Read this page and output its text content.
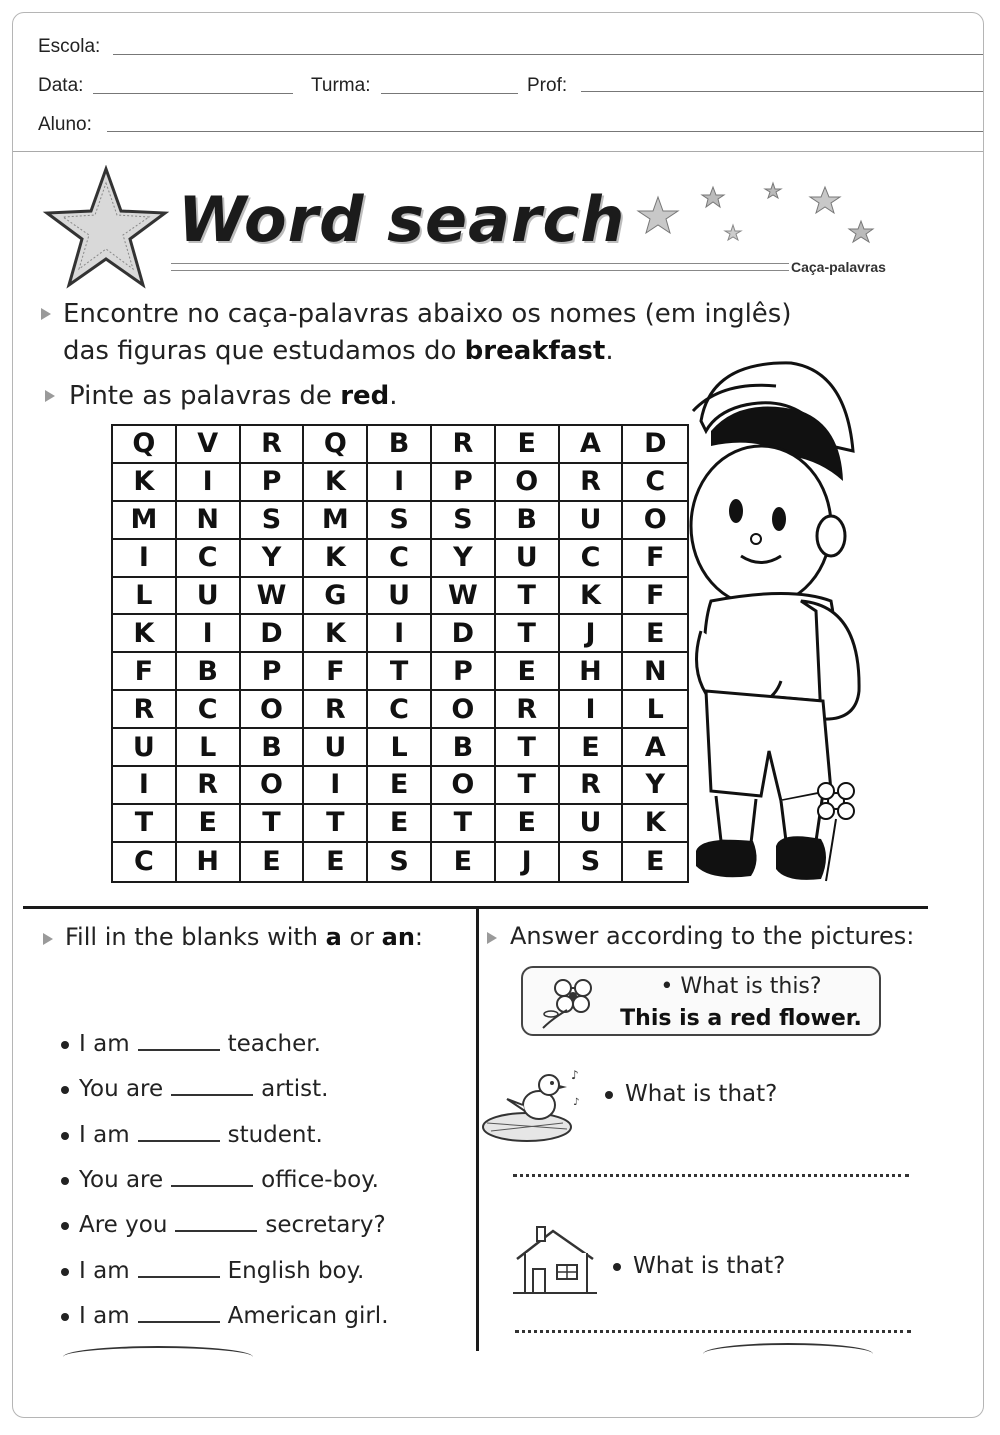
Escola:
Data:	Turma:	Prof:
Aluno:
Word search
Caça-palavras
Encontre no caça-palavras abaixo os nomes (em inglês)
das figuras que estudamos do breakfast.
Pinte as palavras de red.
Q	V	R	Q	B	R	E	A	D
K	I	P	K	I	P	O	R	C
M	N	S	M	S	S	B	U	O
I	C	Y	K	C	Y	U	C	F
L	U	W	G	U	W	T	K	F
K	I	D	K	I	D	T	J	E
F	B	P	F	T	P	E	H	N
R	C	O	R	C	O	R	I	L
U	L	B	U	L	B	T	E	A
I	R	O	I	E	O	T	R	Y
T	E	T	T	E	T	E	U	K
C	H	E	E	S	E	J	S	E
Fill in the blanks with a or an:
I am	teacher.
You are	artist.
I am	student.
You are	office-boy.
Are you	secretary?
I am	English boy.
I am	American girl.
Answer according to the pictures:
• What is this?
This is a red flower.
♪
♪	What is that?
What is that?
